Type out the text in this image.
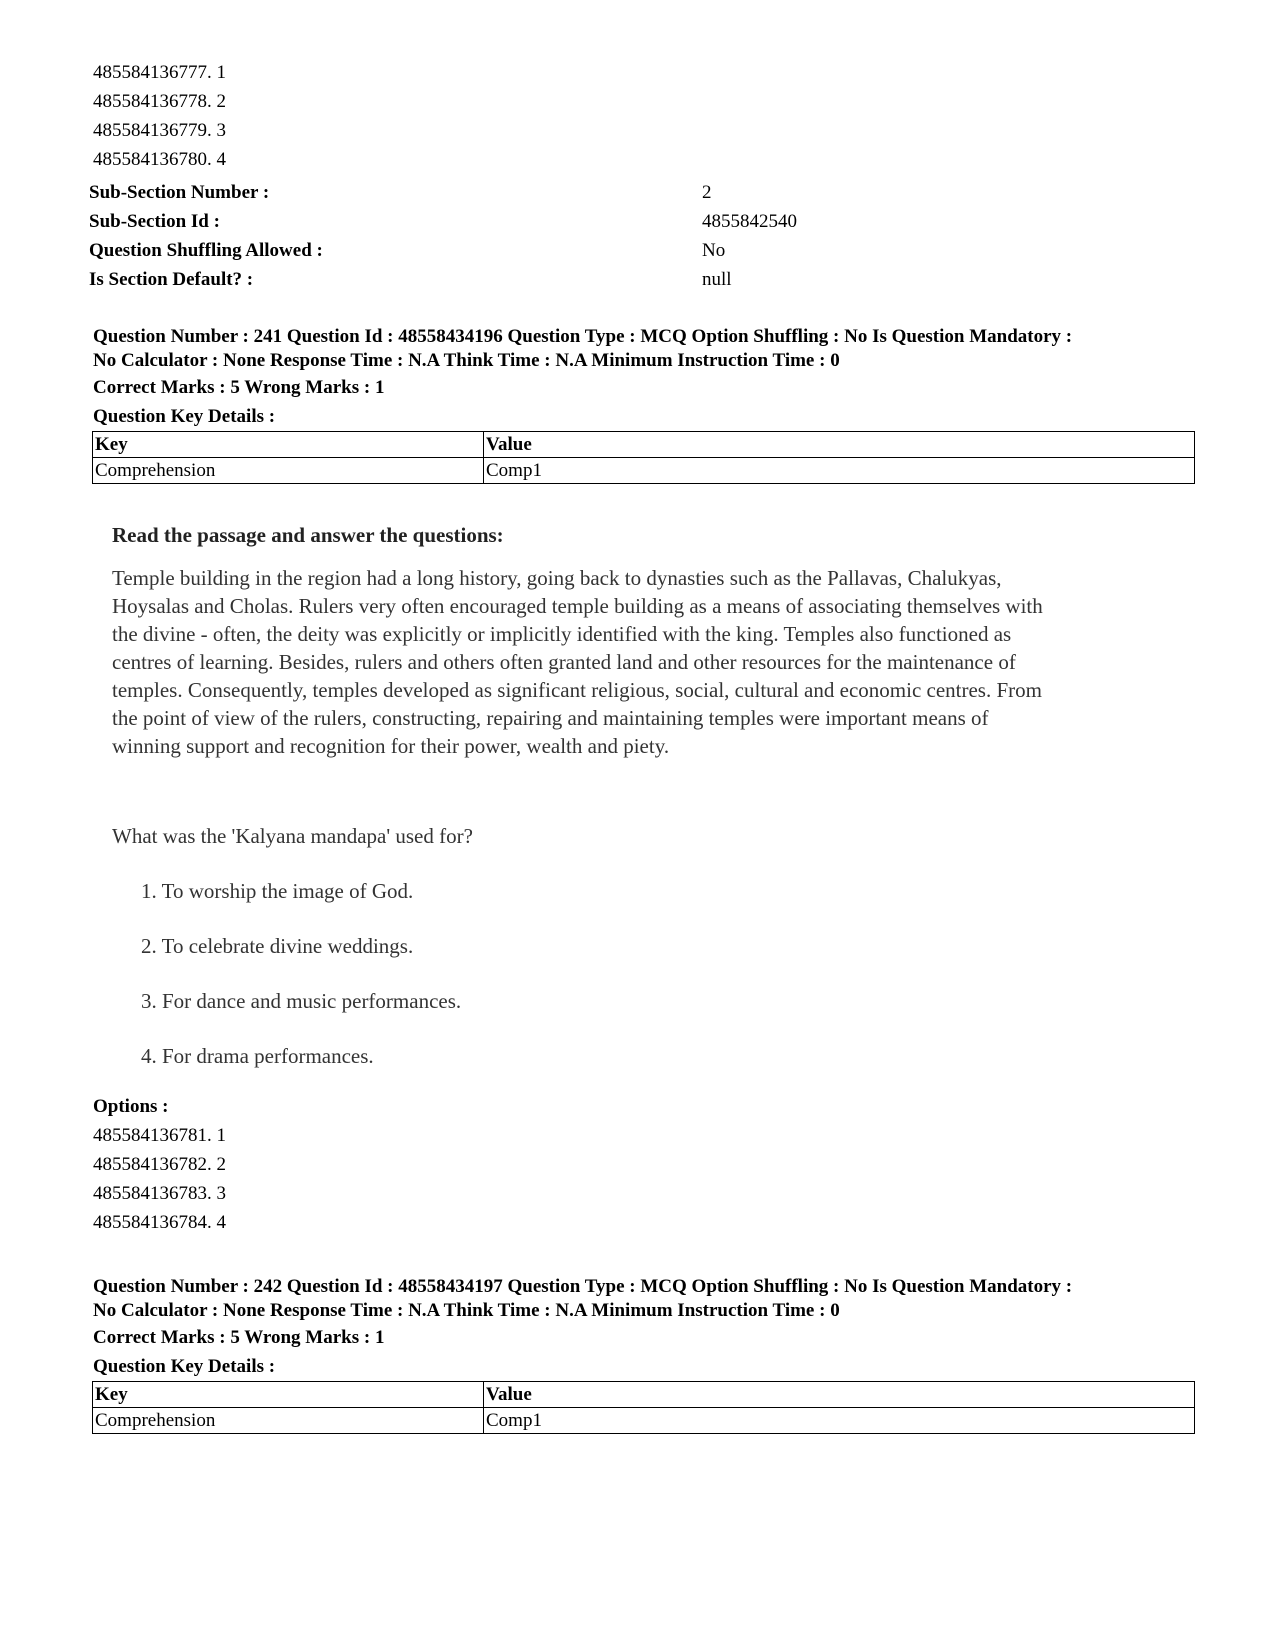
485584136777. 1
485584136778. 2
485584136779. 3
485584136780. 4
Sub-Section Number :	2
Sub-Section Id :	4855842540
Question Shuffling Allowed :	No
Is Section Default? :	null
Question Number : 241 Question Id : 48558434196 Question Type : MCQ Option Shuffling : No Is Question Mandatory :
No Calculator : None Response Time : N.A Think Time : N.A Minimum Instruction Time : 0
Correct Marks : 5 Wrong Marks : 1
Question Key Details :
Key	Value
Comprehension	Comp1
Read the passage and answer the questions:

Temple building in the region had a long history, going back to dynasties such as the Pallavas, Chalukyas,

Hoysalas and Cholas. Rulers very often encouraged temple building as a means of associating themselves with

the divine - often, the deity was explicitly or implicitly identified with the king. Temples also functioned as

centres of learning. Besides, rulers and others often granted land and other resources for the maintenance of

temples. Consequently, temples developed as significant religious, social, cultural and economic centres. From

the point of view of the rulers, constructing, repairing and maintaining temples were important means of

winning support and recognition for their power, wealth and piety.

What was the 'Kalyana mandapa' used for?
1. To worship the image of God.
2. To celebrate divine weddings.
3. For dance and music performances.
4. For drama performances.
Options :
485584136781. 1
485584136782. 2
485584136783. 3
485584136784. 4
Question Number : 242 Question Id : 48558434197 Question Type : MCQ Option Shuffling : No Is Question Mandatory :
No Calculator : None Response Time : N.A Think Time : N.A Minimum Instruction Time : 0
Correct Marks : 5 Wrong Marks : 1
Question Key Details :
Key	Value
Comprehension	Comp1
